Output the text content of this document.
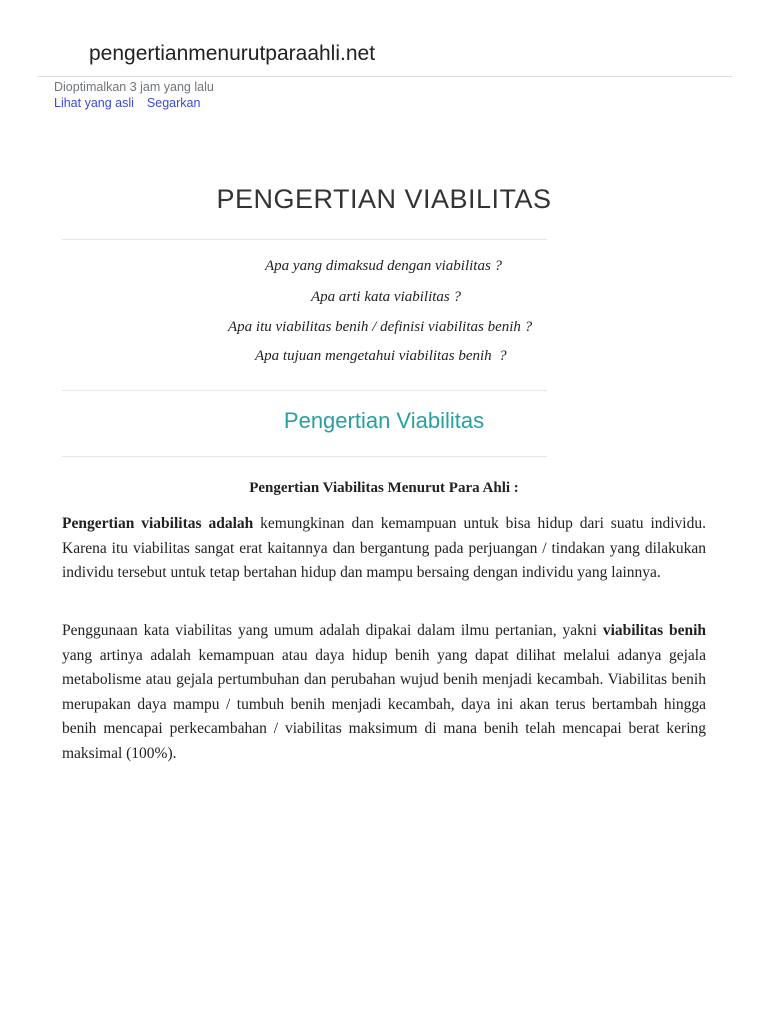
pengertianmenurutparaahli.net
Dioptimalkan 3 jam yang lalu
Lihat yang asli Segarkan
PENGERTIAN VIABILITAS
Apa yang dimaksud dengan viabilitas ?
Apa arti kata viabilitas ?
Apa itu viabilitas benih / definisi viabilitas benih ?
Apa tujuan mengetahui viabilitas benih  ?
Pengertian Viabilitas
Pengertian Viabilitas Menurut Para Ahli :

Pengertian viabilitas adalah kemungkinan dan kemampuan untuk bisa hidup dari suatu individu. Karena itu viabilitas sangat erat kaitannya dan bergantung pada perjuangan / tindakan yang dilakukan individu tersebut untuk tetap bertahan hidup dan mampu bersaing dengan individu yang lainnya.

Penggunaan kata viabilitas yang umum adalah dipakai dalam ilmu pertanian, yakni viabilitas benih yang artinya adalah kemampuan atau daya hidup benih yang dapat dilihat melalui adanya gejala metabolisme atau gejala pertumbuhan dan perubahan wujud benih menjadi kecambah. Viabilitas benih merupakan daya mampu / tumbuh benih menjadi kecambah, daya ini akan terus bertambah hingga benih mencapai perkecambahan / viabilitas maksimum di mana benih telah mencapai berat kering maksimal (100%).
